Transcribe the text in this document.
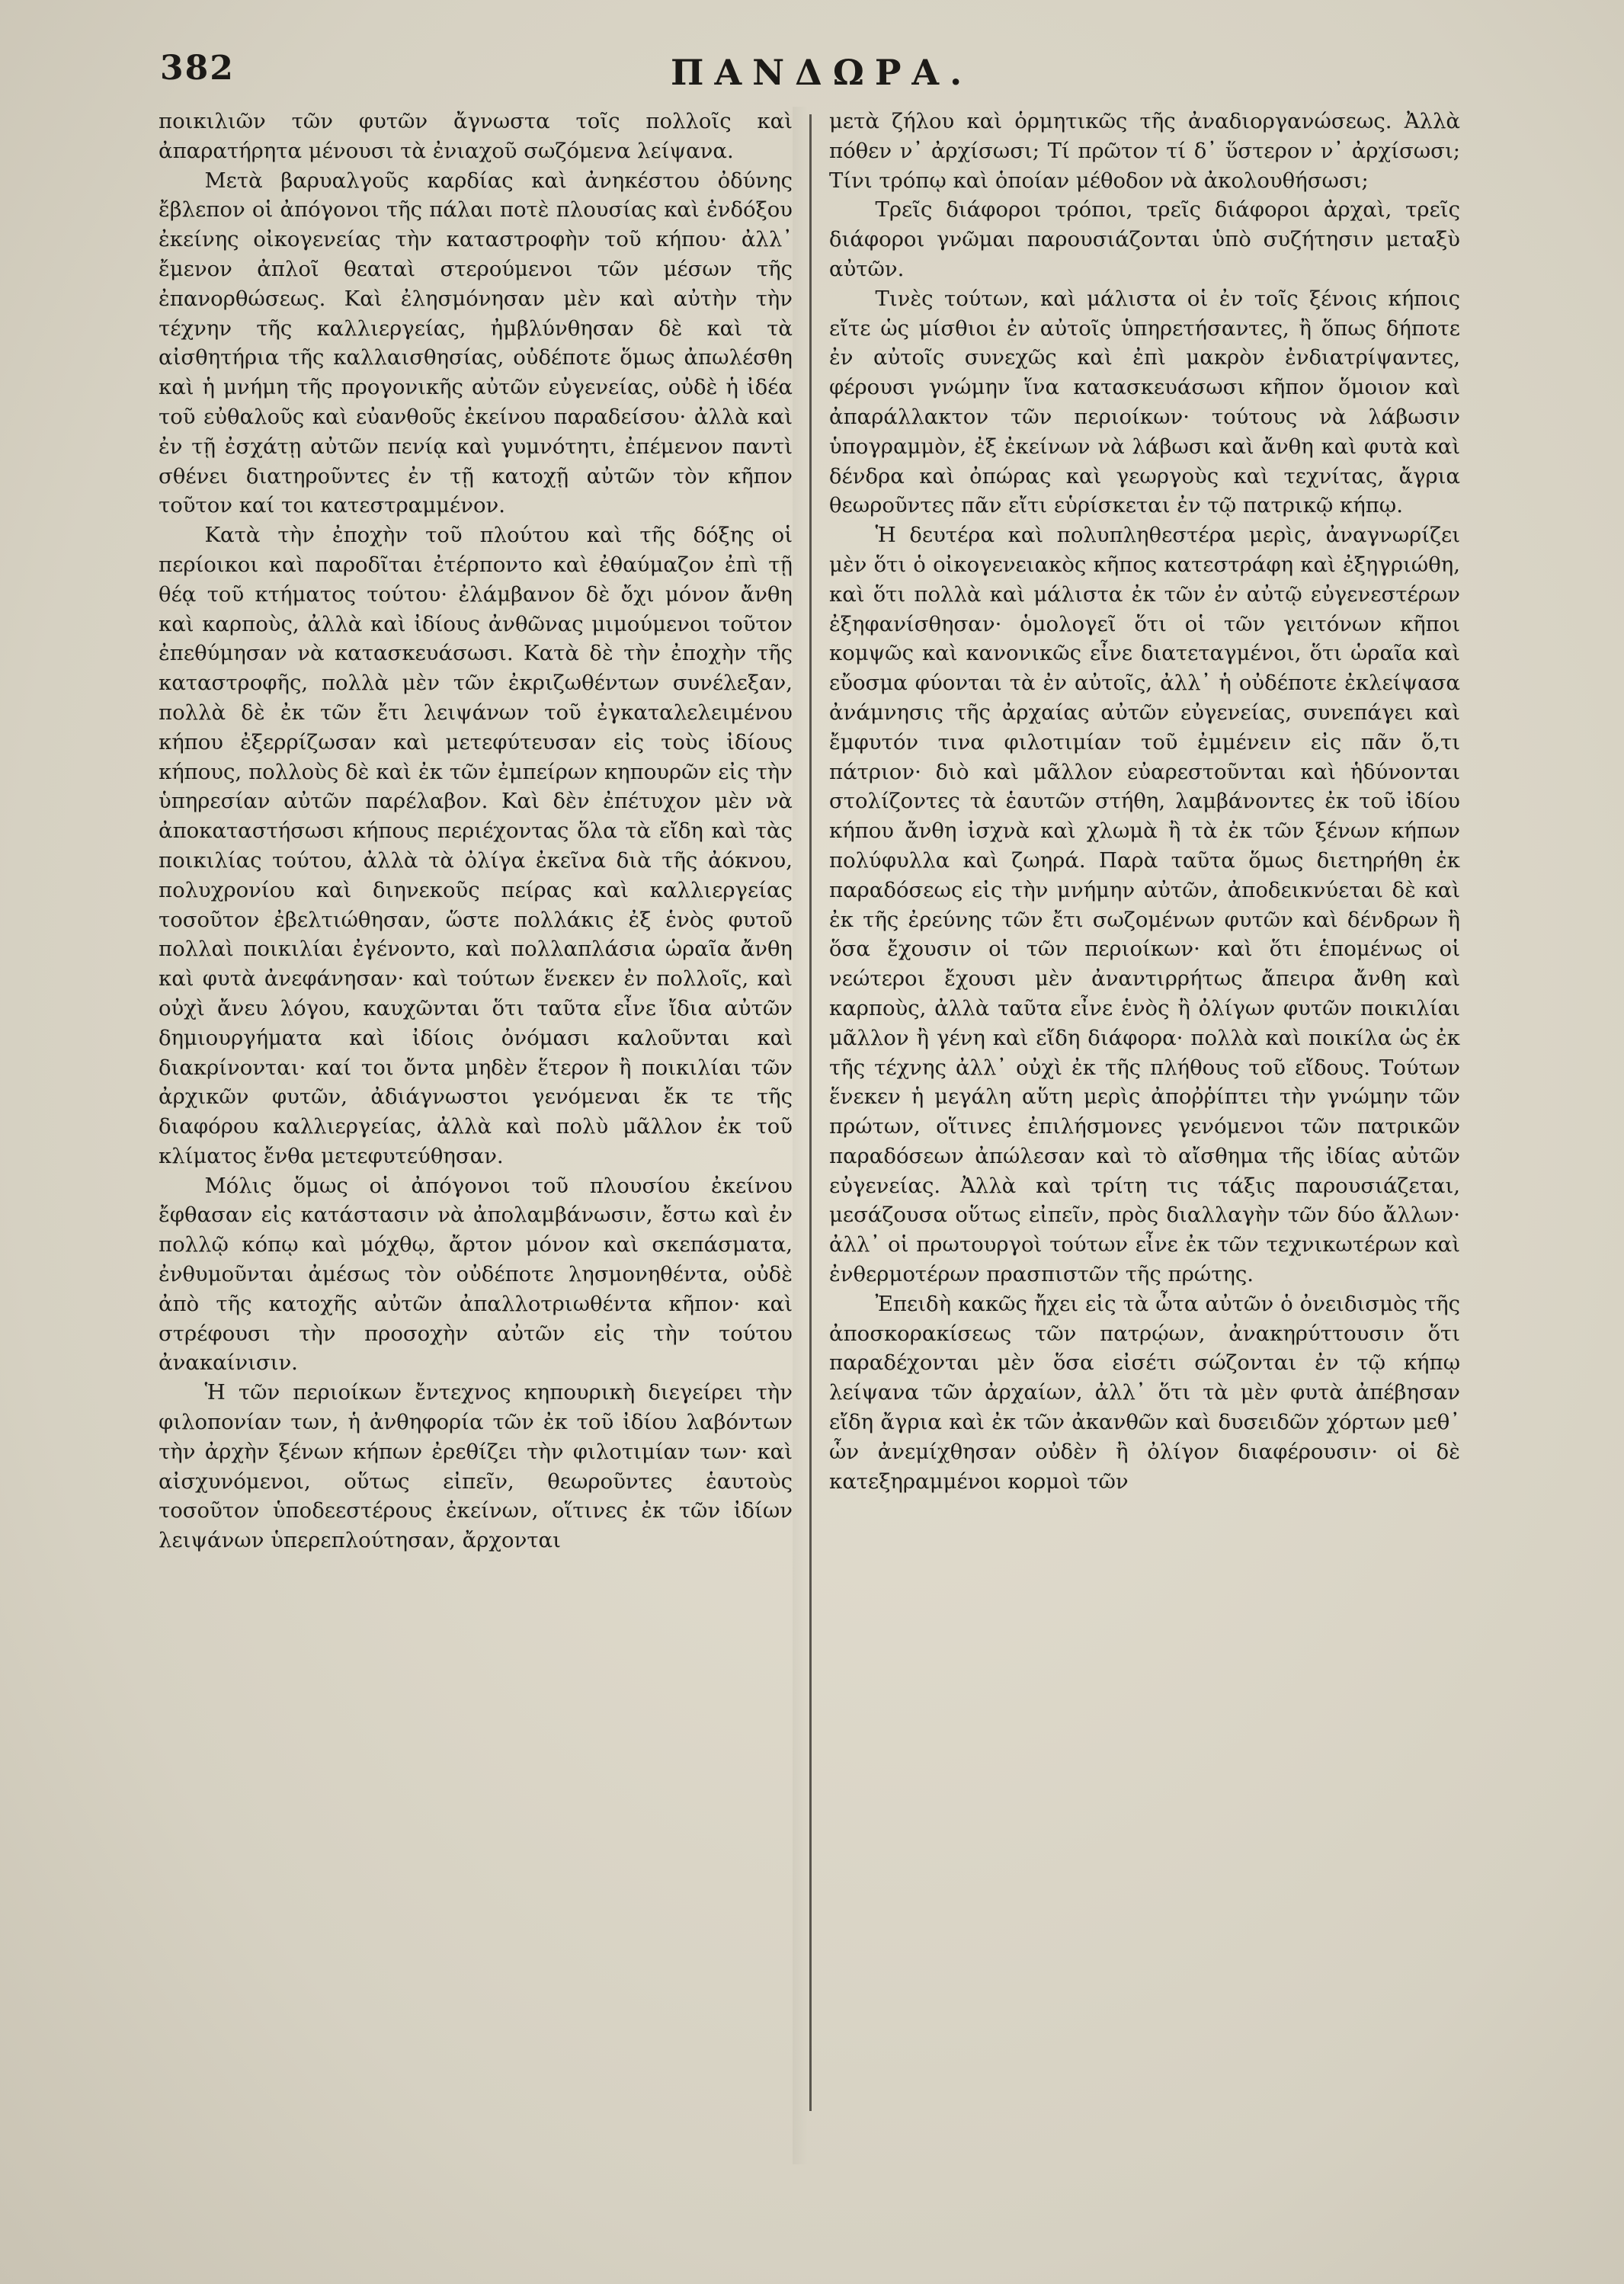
382	ΠΑΝΔΩΡΑ.

ποικιλιῶν τῶν φυτῶν ἄγνωστα τοῖς πολλοῖς καὶ ἀπαρατήρητα μένουσι τὰ ἐνιαχοῦ σωζόμενα λείψανα.

Μετὰ βαρυαλγοῦς καρδίας καὶ ἀνηκέστου ὀδύνης ἔβλεπον οἱ ἀπόγονοι τῆς πάλαι ποτὲ πλουσίας καὶ ἐνδόξου ἐκείνης οἰκογενείας τὴν καταστροφὴν τοῦ κήπου· ἀλλ᾽ ἔμενον ἀπλοῖ θεαταὶ στερούμενοι τῶν μέσων τῆς ἐπανορθώσεως. Καὶ ἐλησμόνησαν μὲν καὶ αὐτὴν τὴν τέχνην τῆς καλλιεργείας, ἠμβλύνθησαν δὲ καὶ τὰ αἰσθητήρια τῆς καλλαισθησίας, οὐδέποτε ὅμως ἀπωλέσθη καὶ ἡ μνήμη τῆς προγονικῆς αὐτῶν εὐγενείας, οὐδὲ ἡ ἰδέα τοῦ εὐθαλοῦς καὶ εὐανθοῦς ἐκείνου παραδείσου· ἀλλὰ καὶ ἐν τῇ ἐσχάτῃ αὐτῶν πενίᾳ καὶ γυμνότητι, ἐπέμενον παντὶ σθένει διατηροῦντες ἐν τῇ κατοχῇ αὐτῶν τὸν κῆπον τοῦτον καί τοι κατεστραμμένον.

Κατὰ τὴν ἐποχὴν τοῦ πλούτου καὶ τῆς δόξης οἱ περίοικοι καὶ παροδῖται ἐτέρποντο καὶ ἐθαύμαζον ἐπὶ τῇ θέᾳ τοῦ κτήματος τούτου· ἐλάμβανον δὲ ὄχι μόνον ἄνθη καὶ καρποὺς, ἀλλὰ καὶ ἰδίους ἀνθῶνας μιμούμενοι τοῦτον ἐπεθύμησαν νὰ κατασκευάσωσι. Κατὰ δὲ τὴν ἐποχὴν τῆς καταστροφῆς, πολλὰ μὲν τῶν ἐκριζωθέντων συνέλεξαν, πολλὰ δὲ ἐκ τῶν ἔτι λειψάνων τοῦ ἐγκαταλελειμένου κήπου ἐξερρίζωσαν καὶ μετεφύτευσαν εἰς τοὺς ἰδίους κήπους, πολλοὺς δὲ καὶ ἐκ τῶν ἐμπείρων κηπουρῶν εἰς τὴν ὑπηρεσίαν αὐτῶν παρέλαβον. Καὶ δὲν ἐπέτυχον μὲν νὰ ἀποκαταστήσωσι κήπους περιέχοντας ὅλα τὰ εἴδη καὶ τὰς ποικιλίας τούτου, ἀλλὰ τὰ ὀλίγα ἐκεῖνα διὰ τῆς ἀόκνου, πολυχρονίου καὶ διηνεκοῦς πείρας καὶ καλλιεργείας τοσοῦτον ἐβελτιώθησαν, ὥστε πολλάκις ἐξ ἑνὸς φυτοῦ πολλαὶ ποικιλίαι ἐγένοντο, καὶ πολλαπλάσια ὡραῖα ἄνθη καὶ φυτὰ ἀνεφάνησαν· καὶ τούτων ἕνεκεν ἐν πολλοῖς, καὶ οὐχὶ ἄνευ λόγου, καυχῶνται ὅτι ταῦτα εἶνε ἴδια αὐτῶν δημιουργήματα καὶ ἰδίοις ὀνόμασι καλοῦνται καὶ διακρίνονται· καί τοι ὄντα μηδὲν ἕτερον ἢ ποικιλίαι τῶν ἀρχικῶν φυτῶν, ἀδιάγνωστοι γενόμεναι ἔκ τε τῆς διαφόρου καλλιεργείας, ἀλλὰ καὶ πολὺ μᾶλλον ἐκ τοῦ κλίματος ἔνθα μετεφυτεύθησαν.

Μόλις ὅμως οἱ ἀπόγονοι τοῦ πλουσίου ἐκείνου ἔφθασαν εἰς κατάστασιν νὰ ἀπολαμβάνωσιν, ἔστω καὶ ἐν πολλῷ κόπῳ καὶ μόχθῳ, ἄρτον μόνον καὶ σκεπάσματα, ἐνθυμοῦνται ἀμέσως τὸν οὐδέποτε λησμονηθέντα, οὐδὲ ἀπὸ τῆς κατοχῆς αὐτῶν ἀπαλλοτριωθέντα κῆπον· καὶ στρέφουσι τὴν προσοχὴν αὐτῶν εἰς τὴν τούτου ἀνακαίνισιν.

Ἡ τῶν περιοίκων ἔντεχνος κηπουρικὴ διεγείρει τὴν φιλοπονίαν των, ἡ ἀνθηφορία τῶν ἐκ τοῦ ἰδίου λαβόντων τὴν ἀρχὴν ξένων κήπων ἐρεθίζει τὴν φιλοτιμίαν των· καὶ αἰσχυνόμενοι, οὕτως εἰπεῖν, θεωροῦντες ἑαυτοὺς τοσοῦτον ὑποδεεστέρους ἐκείνων, οἵτινες ἐκ τῶν ἰδίων λειψάνων ὑπερεπλούτησαν, ἄρχονται

μετὰ ζήλου καὶ ὁρμητικῶς τῆς ἀναδιοργανώσεως. Ἀλλὰ πόθεν ν᾽ ἀρχίσωσι; Τί πρῶτον τί δ᾽ ὕστερον ν᾽ ἀρχίσωσι; Τίνι τρόπῳ καὶ ὁποίαν μέθοδον νὰ ἀκολουθήσωσι;

Τρεῖς διάφοροι τρόποι, τρεῖς διάφοροι ἀρχαὶ, τρεῖς διάφοροι γνῶμαι παρουσιάζονται ὑπὸ συζήτησιν μεταξὺ αὐτῶν.

Τινὲς τούτων, καὶ μάλιστα οἱ ἐν τοῖς ξένοις κήποις εἴτε ὡς μίσθιοι ἐν αὐτοῖς ὑπηρετήσαντες, ἢ ὅπως δήποτε ἐν αὐτοῖς συνεχῶς καὶ ἐπὶ μακρὸν ἐνδιατρίψαντες, φέρουσι γνώμην ἵνα κατασκευάσωσι κῆπον ὅμοιον καὶ ἀπαράλλακτον τῶν περιοίκων· τούτους νὰ λάβωσιν ὑπογραμμὸν, ἐξ ἐκείνων νὰ λάβωσι καὶ ἄνθη καὶ φυτὰ καὶ δένδρα καὶ ὀπώρας καὶ γεωργοὺς καὶ τεχνίτας, ἄγρια θεωροῦντες πᾶν εἴτι εὑρίσκεται ἐν τῷ πατρικῷ κήπῳ.

Ἡ δευτέρα καὶ πολυπληθεστέρα μερὶς, ἀναγνωρίζει μὲν ὅτι ὁ οἰκογενειακὸς κῆπος κατεστράφη καὶ ἐξηγριώθη, καὶ ὅτι πολλὰ καὶ μάλιστα ἐκ τῶν ἐν αὐτῷ εὐγενεστέρων ἐξηφανίσθησαν· ὁμολογεῖ ὅτι οἱ τῶν γειτόνων κῆποι κομψῶς καὶ κανονικῶς εἶνε διατεταγμένοι, ὅτι ὡραῖα καὶ εὔοσμα φύονται τὰ ἐν αὐτοῖς, ἀλλ᾽ ἡ οὐδέποτε ἐκλείψασα ἀνάμνησις τῆς ἀρχαίας αὐτῶν εὐγενείας, συνεπάγει καὶ ἔμφυτόν τινα φιλοτιμίαν τοῦ ἐμμένειν εἰς πᾶν ὅ,τι πάτριον· διὸ καὶ μᾶλλον εὐαρεστοῦνται καὶ ἡδύνονται στολίζοντες τὰ ἑαυτῶν στήθη, λαμβάνοντες ἐκ τοῦ ἰδίου κήπου ἄνθη ἰσχνὰ καὶ χλωμὰ ἢ τὰ ἐκ τῶν ξένων κήπων πολύφυλλα καὶ ζωηρά. Παρὰ ταῦτα ὅμως διετηρήθη ἐκ παραδόσεως εἰς τὴν μνήμην αὐτῶν, ἀποδεικνύεται δὲ καὶ ἐκ τῆς ἐρεύνης τῶν ἔτι σωζομένων φυτῶν καὶ δένδρων ἢ ὅσα ἔχουσιν οἱ τῶν περιοίκων· καὶ ὅτι ἑπομένως οἱ νεώτεροι ἔχουσι μὲν ἀναντιρρήτως ἄπειρα ἄνθη καὶ καρποὺς, ἀλλὰ ταῦτα εἶνε ἑνὸς ἢ ὀλίγων φυτῶν ποικιλίαι μᾶλλον ἢ γένη καὶ εἴδη διάφορα· πολλὰ καὶ ποικίλα ὡς ἐκ τῆς τέχνης ἀλλ᾽ οὐχὶ ἐκ τῆς πλήθους τοῦ εἴδους. Τούτων ἕνεκεν ἡ μεγάλη αὕτη μερὶς ἀποῤῥίπτει τὴν γνώμην τῶν πρώτων, οἵτινες ἐπιλήσμονες γενόμενοι τῶν πατρικῶν παραδόσεων ἀπώλεσαν καὶ τὸ αἴσθημα τῆς ἰδίας αὐτῶν εὐγενείας. Ἀλλὰ καὶ τρίτη τις τάξις παρουσιάζεται, μεσάζουσα οὕτως εἰπεῖν, πρὸς διαλλαγὴν τῶν δύο ἄλλων· ἀλλ᾽ οἱ πρωτουργοὶ τούτων εἶνε ἐκ τῶν τεχνικωτέρων καὶ ἐνθερμοτέρων πρασπιστῶν τῆς πρώτης.

Ἐπειδὴ κακῶς ἤχει εἰς τὰ ὦτα αὐτῶν ὁ ὀνειδισμὸς τῆς ἀποσκορακίσεως τῶν πατρῴων, ἀνακηρύττουσιν ὅτι παραδέχονται μὲν ὅσα εἰσέτι σώζονται ἐν τῷ κήπῳ λείψανα τῶν ἀρχαίων, ἀλλ᾽ ὅτι τὰ μὲν φυτὰ ἀπέβησαν εἴδη ἄγρια καὶ ἐκ τῶν ἀκανθῶν καὶ δυσειδῶν χόρτων μεθ᾽ ὧν ἀνεμίχθησαν οὐδὲν ἢ ὀλίγον διαφέρουσιν· οἱ δὲ κατεξηραμμένοι κορμοὶ τῶν
